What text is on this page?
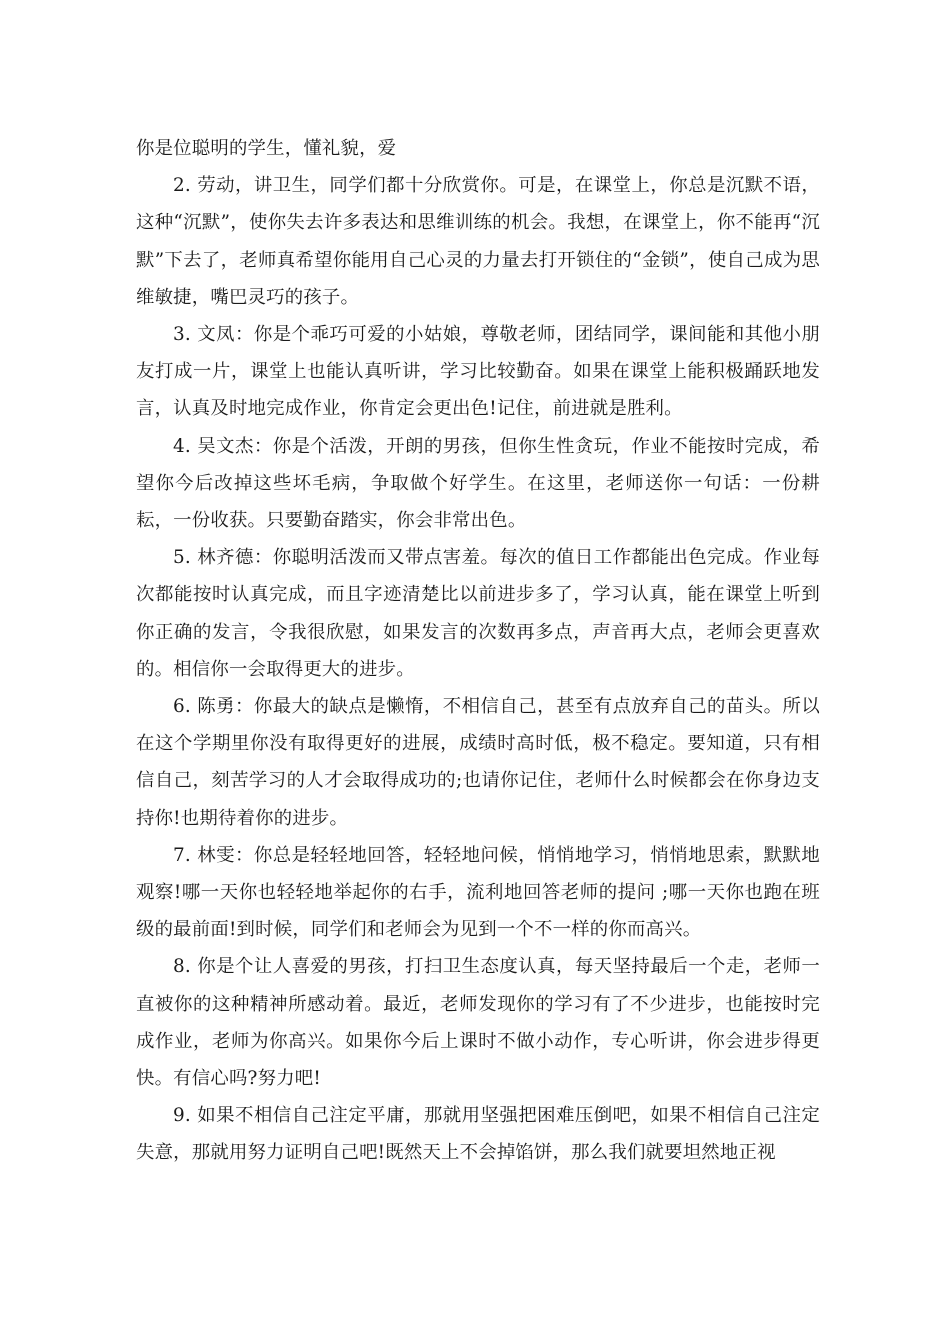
你是位聪明的学生，懂礼貌，爱

2. 劳动，讲卫生，同学们都十分欣赏你。可是，在课堂上，你总是沉默不语，这种“沉默”，使你失去许多表达和思维训练的机会。我想，在课堂上，你不能再“沉默”下去了，老师真希望你能用自己心灵的力量去打开锁住的“金锁”，使自己成为思维敏捷，嘴巴灵巧的孩子。

3. 文凤：你是个乖巧可爱的小姑娘，尊敬老师，团结同学，课间能和其他小朋友打成一片，课堂上也能认真听讲，学习比较勤奋。如果在课堂上能积极踊跃地发言，认真及时地完成作业，你肯定会更出色!记住，前进就是胜利。

4. 吴文杰：你是个活泼，开朗的男孩，但你生性贪玩，作业不能按时完成，希望你今后改掉这些坏毛病，争取做个好学生。在这里，老师送你一句话：一份耕耘，一份收获。只要勤奋踏实，你会非常出色。

5. 林齐德：你聪明活泼而又带点害羞。每次的值日工作都能出色完成。作业每次都能按时认真完成，而且字迹清楚比以前进步多了，学习认真，能在课堂上听到你正确的发言，令我很欣慰，如果发言的次数再多点，声音再大点，老师会更喜欢的。相信你一会取得更大的进步。

6. 陈勇：你最大的缺点是懒惰，不相信自己，甚至有点放弃自己的苗头。所以在这个学期里你没有取得更好的进展，成绩时高时低，极不稳定。要知道，只有相信自己，刻苦学习的人才会取得成功的;也请你记住，老师什么时候都会在你身边支持你!也期待着你的进步。

7. 林雯：你总是轻轻地回答，轻轻地问候，悄悄地学习，悄悄地思索，默默地观察!哪一天你也轻轻地举起你的右手，流利地回答老师的提问 ;哪一天你也跑在班级的最前面!到时候，同学们和老师会为见到一个不一样的你而高兴。

8. 你是个让人喜爱的男孩，打扫卫生态度认真，每天坚持最后一个走，老师一直被你的这种精神所感动着。最近，老师发现你的学习有了不少进步，也能按时完成作业，老师为你高兴。如果你今后上课时不做小动作，专心听讲，你会进步得更快。有信心吗?努力吧!

9. 如果不相信自己注定平庸，那就用坚强把困难压倒吧，如果不相信自己注定失意，那就用努力证明自己吧!既然天上不会掉馅饼，那么我们就要坦然地正视
